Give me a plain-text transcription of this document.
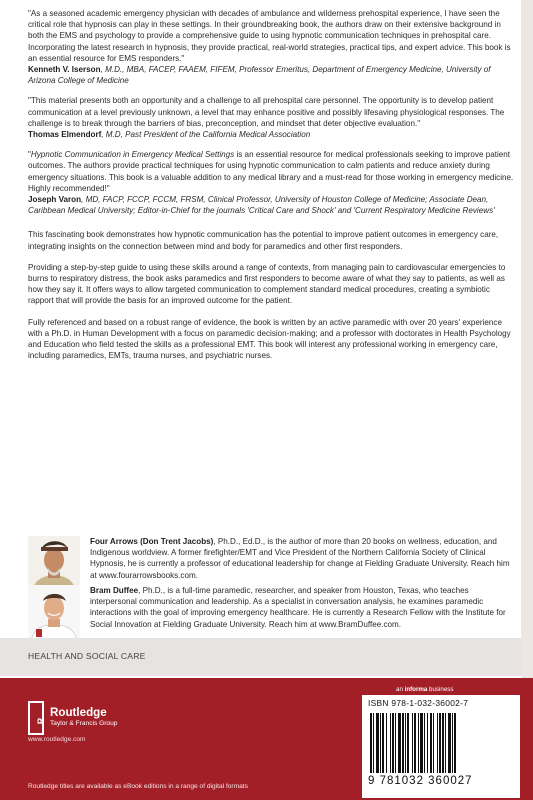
"As a seasoned academic emergency physician with decades of ambulance and wilderness prehospital experience, I have seen the critical role that hypnosis can play in these settings. In their groundbreaking book, the authors draw on their extensive background in both the EMS and psychology to provide a comprehensive guide to using hypnotic communication techniques in prehospital care. Incorporating the latest research in hypnosis, they provide practical, real-world strategies, practical tips, and expert advice. This book is an essential resource for EMS responders."
Kenneth V. Iserson, M.D., MBA, FACEP, FAAEM, FIFEM, Professor Emeritus, Department of Emergency Medicine, University of Arizona College of Medicine

"This material presents both an opportunity and a challenge to all prehospital care personnel. The opportunity is to develop patient communication at a level previously unknown, a level that may enhance positive and possibly lifesaving physiological responses. The challenge is to break through the barriers of bias, preconception, and mindset that deter objective evaluation."
Thomas Elmendorf, M.D, Past President of the California Medical Association

"Hypnotic Communication in Emergency Medical Settings is an essential resource for medical professionals seeking to improve patient outcomes. The authors provide practical techniques for using hypnotic communication to calm patients and reduce anxiety during emergency situations. This book is a valuable addition to any medical library and a must-read for those working in emergency medicine. Highly recommended!"
Joseph Varon, MD, FACP, FCCP, FCCM, FRSM, Clinical Professor, University of Houston College of Medicine; Associate Dean, Caribbean Medical University; Editor-in-Chief for the journals 'Critical Care and Shock' and 'Current Respiratory Medicine Reviews'

This fascinating book demonstrates how hypnotic communication has the potential to improve patient outcomes in emergency care, integrating insights on the connection between mind and body for paramedics and other first responders.

Providing a step-by-step guide to using these skills around a range of contexts, from managing pain to cardiovascular emergencies to burns to respiratory distress, the book asks paramedics and first responders to become aware of what they say to patients, as well as how they say it. It offers ways to allow targeted communication to complement standard medical procedures, creating a symbiotic rapport that will provide the basis for an improved outcome for the patient.

Fully referenced and based on a robust range of evidence, the book is written by an active paramedic with over 20 years' experience with a Ph.D. in Human Development with a focus on paramedic decision-making; and a professor with doctorates in Health Psychology and Education who field tested the skills as a professional EMT. This book will interest any professional working in emergency care, including paramedics, EMTs, trauma nurses, and psychiatric nurses.

Four Arrows (Don Trent Jacobs), Ph.D., Ed.D., is the author of more than 20 books on wellness, education, and Indigenous worldview. A former firefighter/EMT and Vice President of the Northern California Society of Clinical Hypnosis, he is currently a professor of educational leadership for change at Fielding Graduate University. Reach him at www.fourarrowsbooks.com.

Bram Duffee, Ph.D., is a full-time paramedic, researcher, and speaker from Houston, Texas, who teaches interpersonal communication and leadership. As a specialist in conversation analysis, he examines paramedic interactions with the goal of improving emergency healthcare. He is currently a Research Fellow with the Institute for Social Innovation at Fielding Graduate University. Reach him at www.BramDuffee.com.

HEALTH AND SOCIAL CARE
R
Routledge
Taylor & Francis Group
www.routledge.com
Routledge titles are available as eBook editions in a range of digital formats
an informa business
ISBN 978-1-032-36002-7
9 781032 360027
